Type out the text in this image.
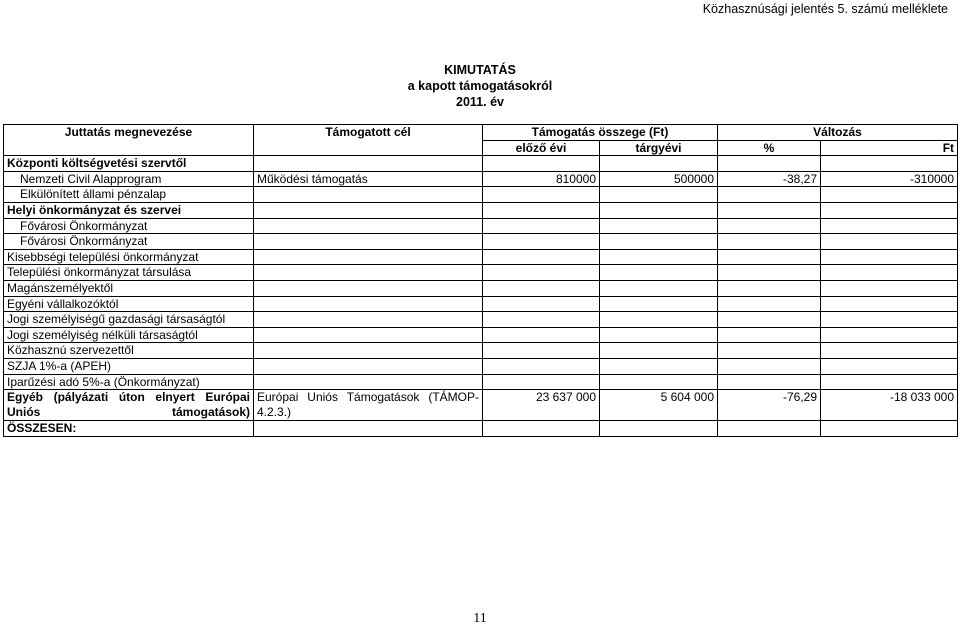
Közhasznúsági jelentés 5. számú melléklete
KIMUTATÁS
a kapott támogatásokról
2011. év
Juttatás megnevezése	Támogatott cél	Támogatás összege (Ft)		Változás	
		előző évi	tárgyévi	%	Ft
Központi költségvetési szervtől					
Nemzeti Civil Alapprogram	Működési támogatás	810000	500000	-38,27	-310000
Elkülönített állami pénzalap					
Helyi önkormányzat és szervei					
Fővárosi Önkormányzat					
Fővárosi Önkormányzat					
Kisebbségi települési önkormányzat					
Települési önkormányzat társulása					
Magánszemélyektől					
Egyéni vállalkozóktól					
Jogi személyiségű gazdasági társaságtól					
Jogi személyiség nélküli társaságtól					
Közhasznú szervezettől					
SZJA 1%-a (APEH)					
Iparűzési adó 5%-a (Önkormányzat)					
Egyéb (pályázati úton elnyert Európai Uniós támogatások)	Európai Uniós Támogatások (TÁMOP-4.2.3.)	23 637 000	5 604 000	-76,29	-18 033 000
ÖSSZESEN:					
11
